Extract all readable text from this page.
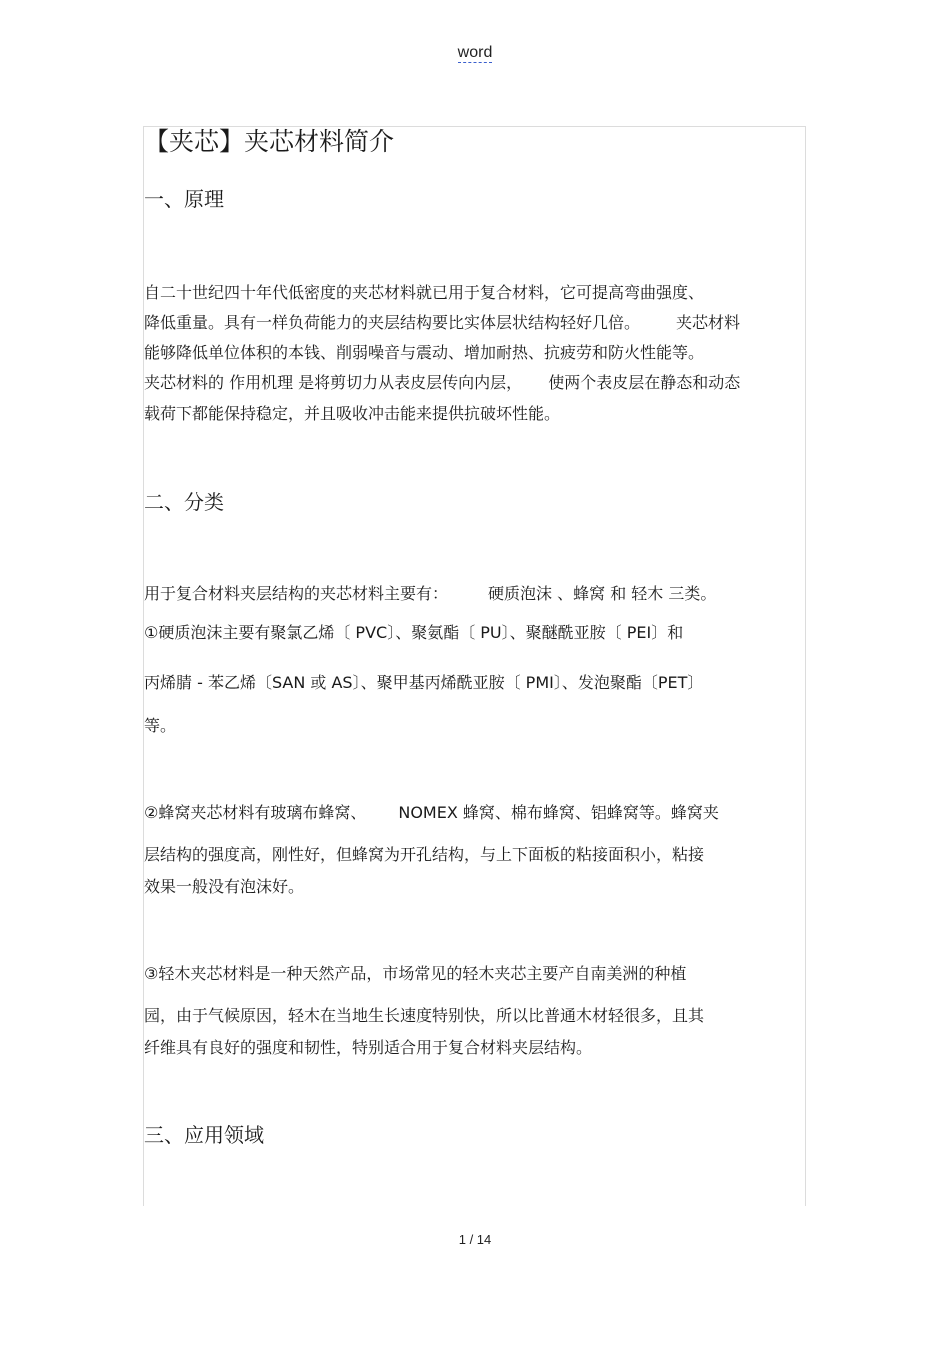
word
【夹芯】夹芯材料简介
一、原理
自二十世纪四十年代低密度的夹芯材料就已用于复合材料，它可提高弯曲强度、
降低重量。具有一样负荷能力的夹层结构要比实体层状结构轻好几倍。 夹芯材料
能够降低单位体积的本钱、削弱噪音与震动、增加耐热、抗疲劳和防火性能等。
夹芯材料的 作用机理 是将剪切力从表皮层传向内层， 使两个表皮层在静态和动态
载荷下都能保持稳定，并且吸收冲击能来提供抗破坏性能。
二、分类
用于复合材料夹层结构的夹芯材料主要有：	硬质泡沫 、蜂窝 和 轻木 三类。
①硬质泡沫主要有聚氯乙烯〔 PVC〕、聚氨酯〔 PU〕、聚醚酰亚胺〔 PEI〕和
丙烯腈 - 苯乙烯〔SAN 或 AS〕、聚甲基丙烯酰亚胺〔 PMI〕、发泡聚酯〔PET〕
等。
②蜂窝夹芯材料有玻璃布蜂窝、 NOMEX 蜂窝、棉布蜂窝、铝蜂窝等。蜂窝夹
层结构的强度高，刚性好，但蜂窝为开孔结构，与上下面板的粘接面积小，粘接
效果一般没有泡沫好。
③轻木夹芯材料是一种天然产品，市场常见的轻木夹芯主要产自南美洲的种植
园，由于气候原因，轻木在当地生长速度特别快，所以比普通木材轻很多，且其
纤维具有良好的强度和韧性，特别适合用于复合材料夹层结构。
三、应用领域
1 / 14
